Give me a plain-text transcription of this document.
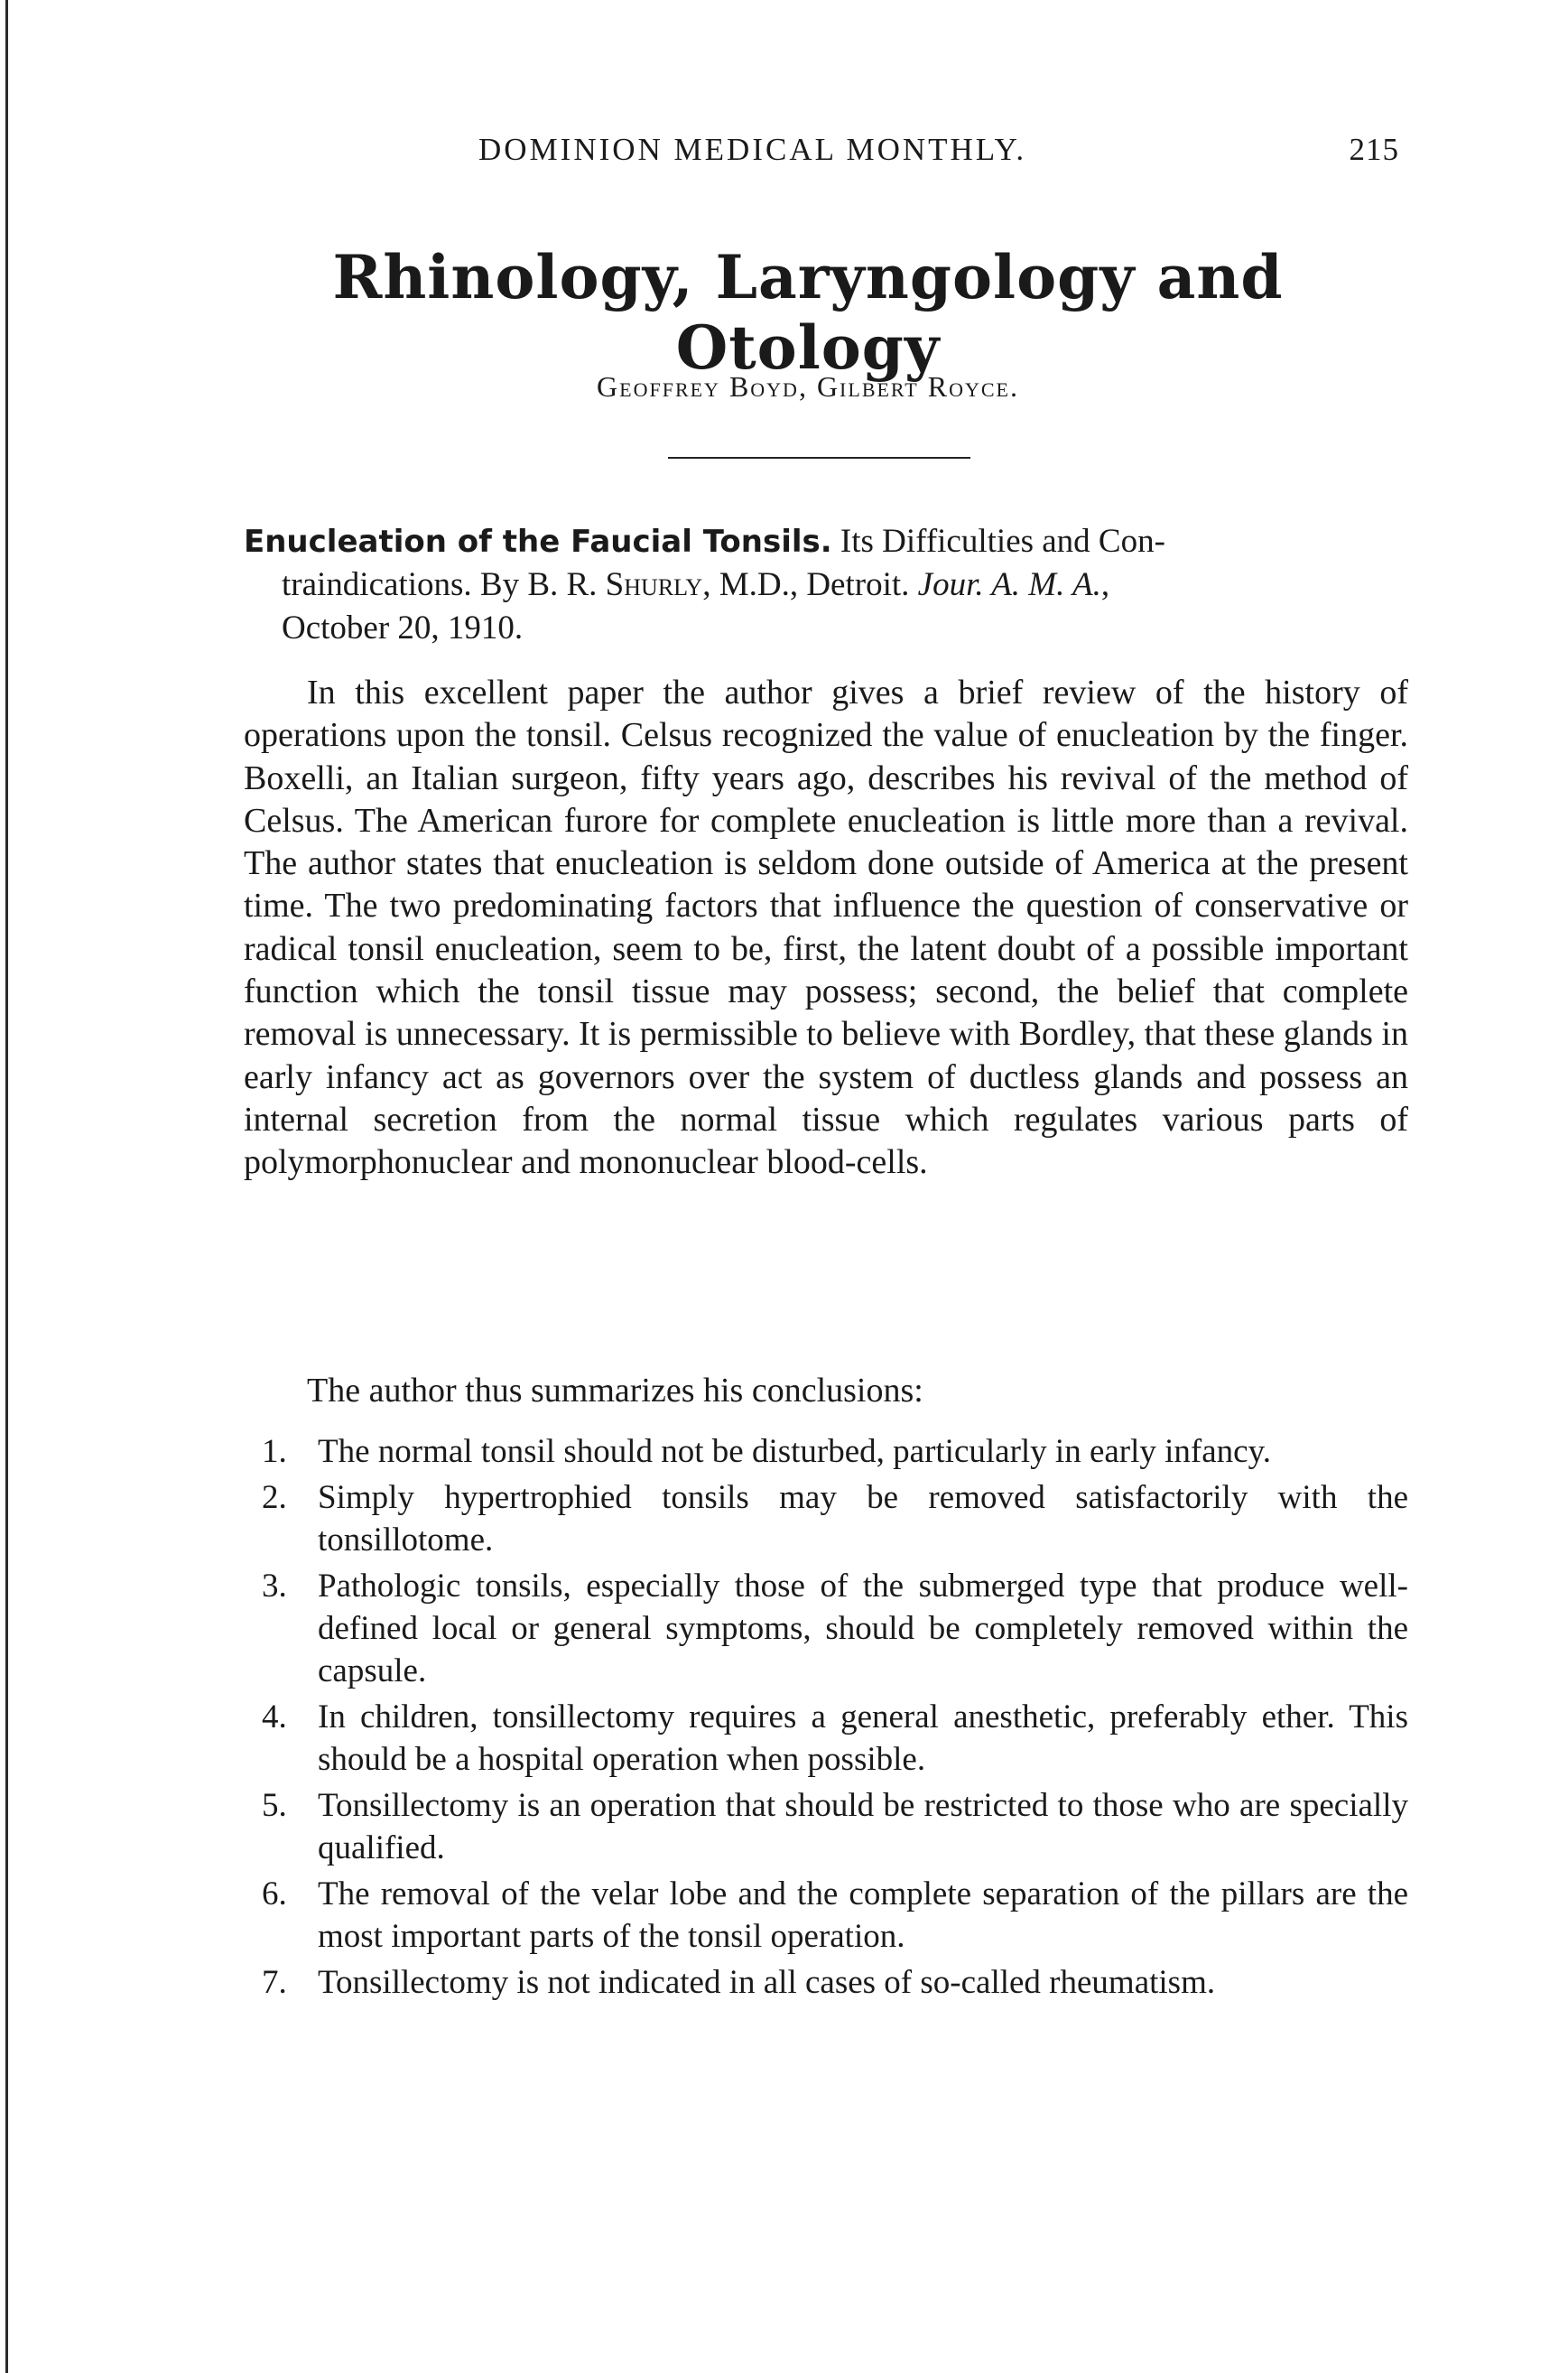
DOMINION MEDICAL MONTHLY.	215
Rhinology, Laryngology and Otology
Geoffrey Boyd, Gilbert Royce.
Enucleation of the Faucial Tonsils. Its Difficulties and Con-
traindications. By B. R. Shurly, M.D., Detroit. Jour. A. M. A.,
October 20, 1910.

In this excellent paper the author gives a brief review of the history of operations upon the tonsil. Celsus recognized the value of enucleation by the finger. Boxelli, an Italian surgeon, fifty years ago, describes his revival of the method of Celsus. The American furore for complete enucleation is little more than a revival. The author states that enucleation is seldom done outside of America at the present time. The two predominating factors that influence the question of conservative or radical tonsil enucleation, seem to be, first, the latent doubt of a possible important function which the tonsil tissue may possess; second, the belief that complete removal is unnecessary. It is permissible to believe with Bordley, that these glands in early infancy act as governors over the system of ductless glands and possess an internal secretion from the normal tissue which regulates various parts of polymorphonuclear and mononuclear blood-cells.

The author thus summarizes his conclusions:
1. The normal tonsil should not be disturbed, particularly in early infancy.
2. Simply hypertrophied tonsils may be removed satisfactorily with the tonsillotome.
3. Pathologic tonsils, especially those of the submerged type that produce well-defined local or general symptoms, should be completely removed within the capsule.
4. In children, tonsillectomy requires a general anesthetic, preferably ether. This should be a hospital operation when possible.
5. Tonsillectomy is an operation that should be restricted to those who are specially qualified.
6. The removal of the velar lobe and the complete separation of the pillars are the most important parts of the tonsil operation.
7. Tonsillectomy is not indicated in all cases of so-called rheumatism.
